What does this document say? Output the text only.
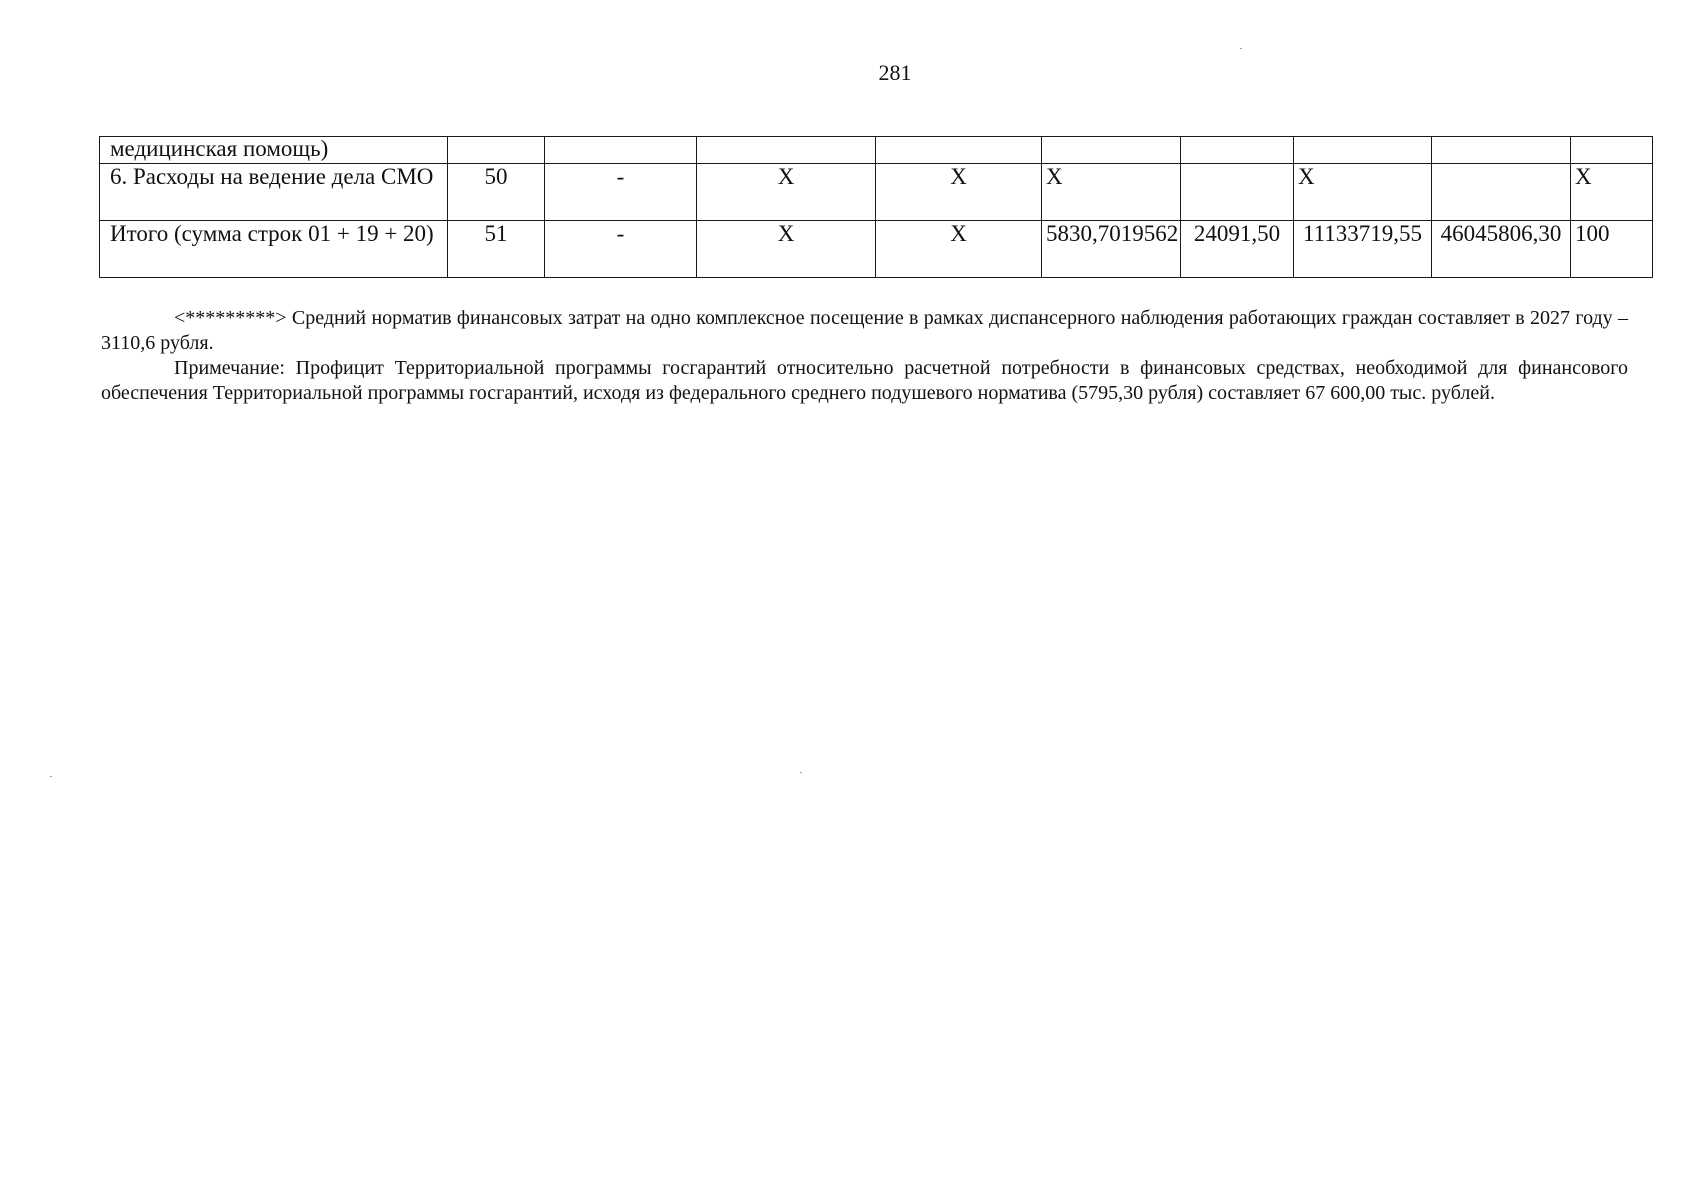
281
медицинская помощь)									
6. Расходы на ведение дела СМО	50	-	X	X	X		X		X
Итого (сумма строк 01 + 19 + 20)	51	-	X	X	5830,7019562	24091,50	11133719,55	46045806,30	100

<*********> Средний норматив финансовых затрат на одно комплексное посещение в рамках диспансерного наблюдения работающих граждан составляет в 2027 году – 3110,6 рубля.

Примечание: Профицит Территориальной программы госгарантий относительно расчетной потребности в финансовых средствах, необходимой для финансового обеспечения Территориальной программы госгарантий, исходя из федерального среднего подушевого норматива (5795,30 рубля) составляет 67 600,00 тыс. рублей.
